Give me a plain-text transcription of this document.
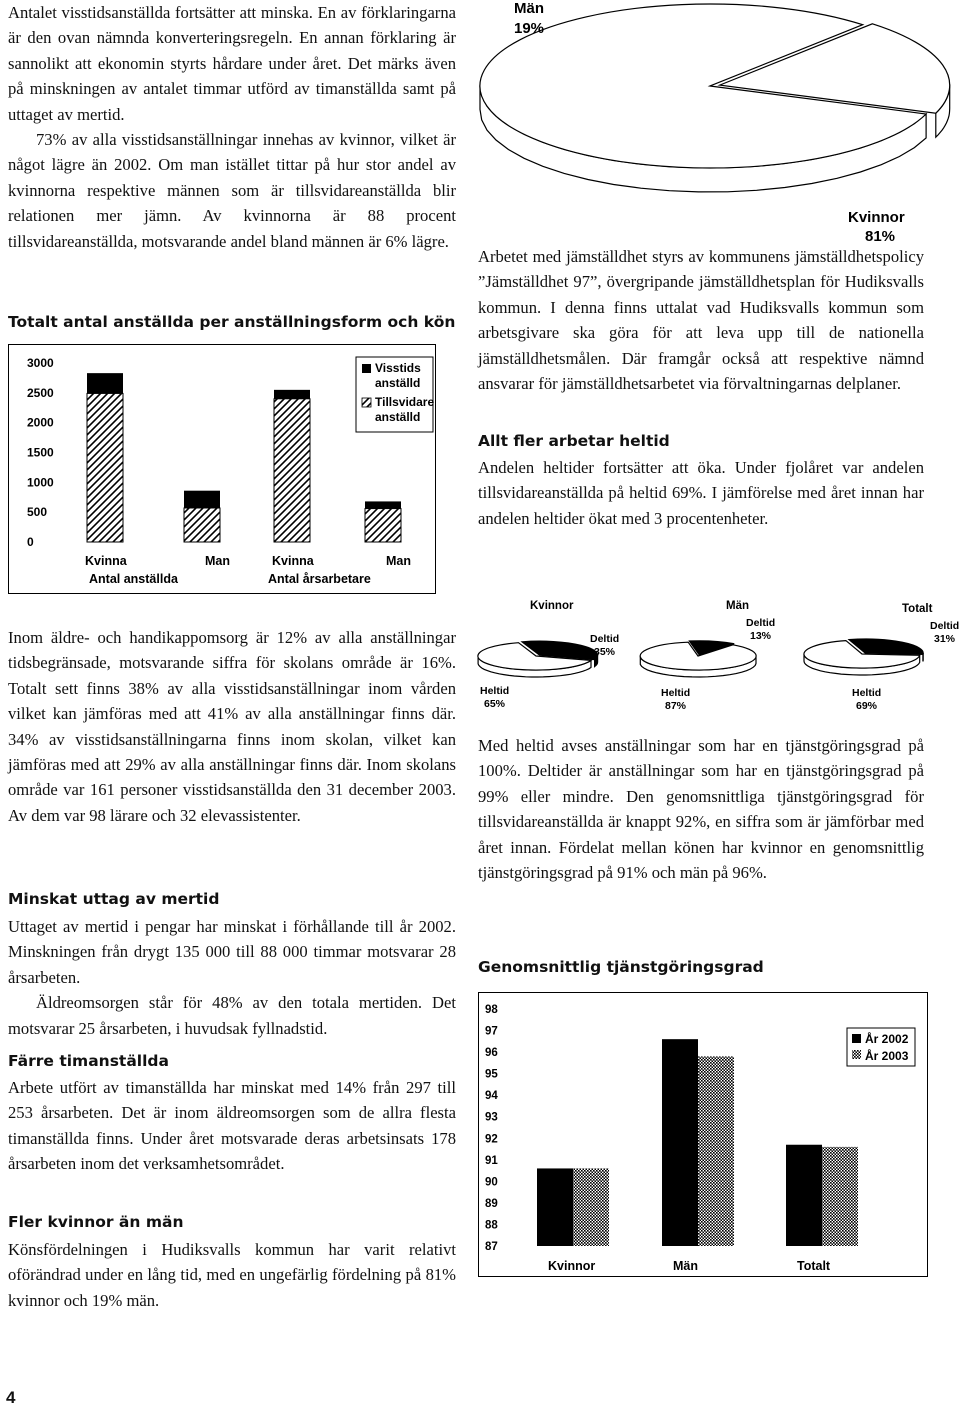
Antalet visstidsanställda fortsätter att minska. En av förklaringarna är den ovan nämnda konverteringsregeln. En annan förklaring är sannolikt att ekonomin styrts hårdare under året. Det märks även på minskningen av antalet timmar utförd av timanställda samt på uttaget av mertid.

73% av alla visstidsanställningar innehas av kvinnor, vilket är något lägre än 2002. Om man istället tittar på hur stor andel av kvinnorna respektive männen som är tillsvidareanställda blir relationen mer jämn. Av kvinnorna är 88 procent tillsvidareanställda, motsvarande andel bland männen är 6% lägre.

Totalt antal anställda per anställningsform och kön
0
500
1000
1500
2000
2500
3000
Kvinna	Man	Kvinna	Man
Antal anställda	Antal årsarbetare
Visstids
anställd
Tillsvidare
anställd

Inom äldre- och handikappomsorg är 12% av alla anställningar tidsbegränsade, motsvarande siffra för skolans område är 16%. Totalt sett finns 38% av alla visstidsanställningar inom vården vilket kan jämföras med att 41% av alla anställningar finns där. 34% av visstidsanställningarna finns inom skolan, vilket kan jämföras med att 29% av alla anställningar finns där. Inom skolans område var 161 personer visstidsanställda den 31 december 2003. Av dem var 98 lärare och 32 elevassistenter.

Minskat uttag av mertid

Uttaget av mertid i pengar har minskat i förhållande till år 2002. Minskningen från drygt 135 000 till 88 000 timmar motsvarar 28 årsarbeten.

Äldreomsorgen står för 48% av den totala mertiden. Det motsvarar 25 årsarbeten, i huvudsak fyllnadstid.

Färre timanställda

Arbete utfört av timanställda har minskat med 14% från 297 till 253 årsarbeten. Det är inom äldreomsorgen som de allra flesta timanställda finns. Under året motsvarade deras arbetsinsats 178 årsarbeten inom det verksamhetsområdet.

Fler kvinnor än män

Könsfördelningen i Hudiksvalls kommun har varit relativt oförändrad under en lång tid, med en ungefärlig fördelning på 81% kvinnor och 19% män.

4
Män
19%
Kvinnor
81%

Arbetet med jämställdhet styrs av kommunens jämställdhetspolicy ”Jämställdhet 97”, övergripande jämställdhetsplan för Hudiksvalls kommun. I denna finns uttalat vad Hudiksvalls kommun som arbetsgivare ska göra för att leva upp till de nationella jämställdhetsmålen. Där framgår också att respektive nämnd ansvarar för jämställdhetsarbetet via förvaltningarnas delplaner.

Allt fler arbetar heltid

Andelen heltider fortsätter att öka. Under fjolåret var andelen tillsvidareanställda på heltid 69%. I jämförelse med året innan har andelen heltider ökat med 3 procentenheter.

Kvinnor
Deltid
35%
Heltid
65%
Män
Deltid
13%
Heltid
87%
Totalt
Deltid
31%
Heltid
69%

Med heltid avses anställningar som har en tjänstgöringsgrad på 100%. Deltider är anställningar som har en tjänstgöringsgrad på 99% eller mindre. Den genomsnittliga tjänstgöringsgrad för tillsvidareanställda är knappt 92%, en siffra som är jämförbar med året innan. Fördelat mellan könen har kvinnor en genomsnittlig tjänstgöringsgrad på 91% och män på 96%.

Genomsnittlig tjänstgöringsgrad
87
88
89
90
91
92
93
94
95
96
97
98
Kvinnor	Män	Totalt
År 2002
År 2003
